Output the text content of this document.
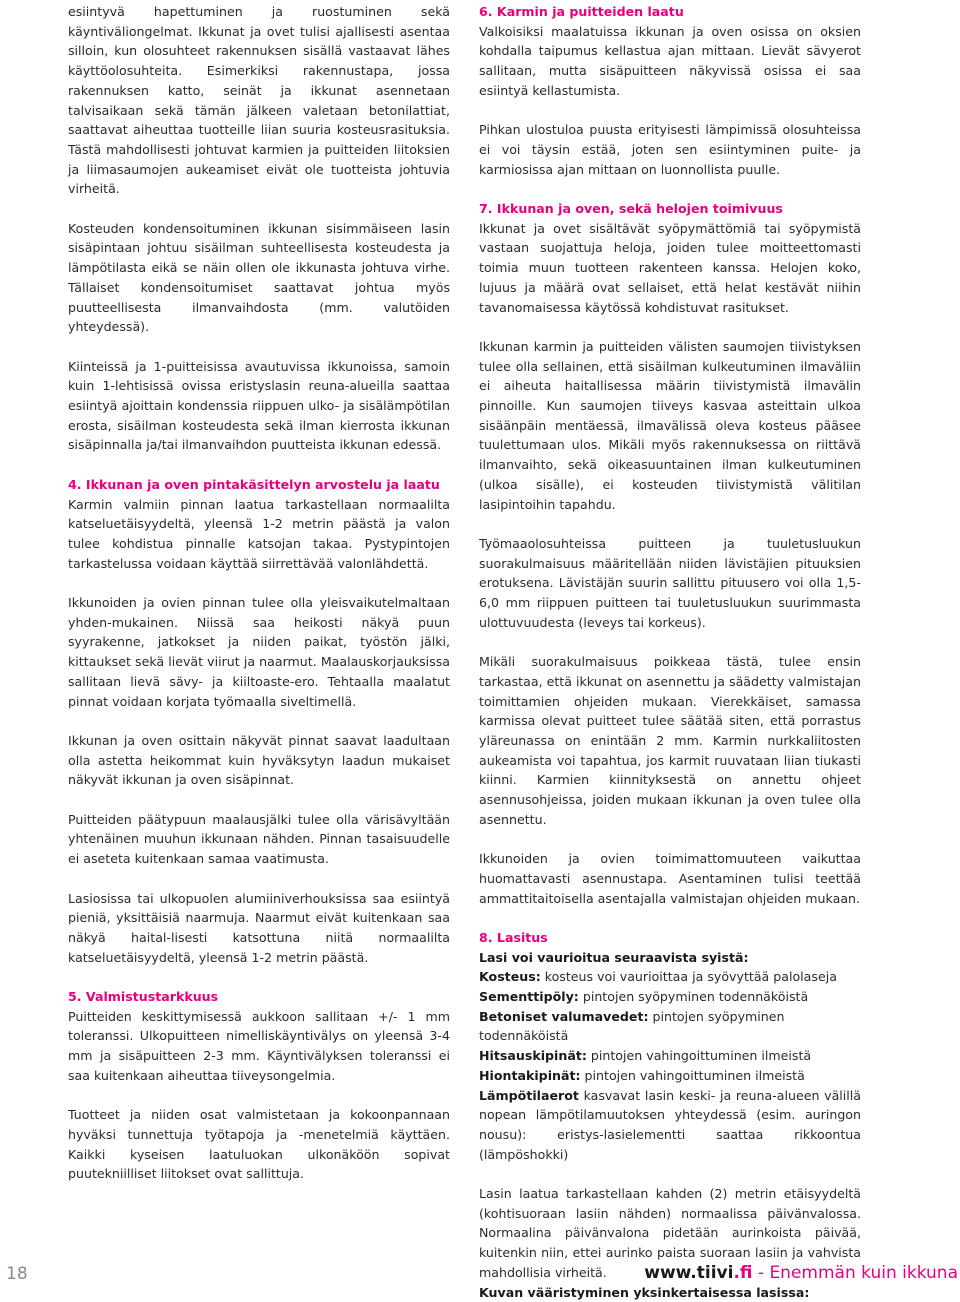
esiintyvä hapettuminen ja ruostuminen sekä käyntiväliongelmat. Ikkunat ja ovet tulisi ajallisesti asentaa silloin, kun olosuhteet rakennuksen sisällä vastaavat lähes käyttöolosuhteita. Esimerkiksi rakennustapa, jossa rakennuksen katto, seinät ja ikkunat asennetaan talvisaikaan sekä tämän jälkeen valetaan betonilattiat, saattavat aiheuttaa tuotteille liian suuria kosteusrasituksia. Tästä mahdollisesti johtuvat karmien ja puitteiden liitoksien ja liimasaumojen aukeamiset eivät ole tuotteista johtuvia virheitä.

Kosteuden kondensoituminen ikkunan sisimmäiseen lasin sisäpintaan johtuu sisäilman suhteellisesta kosteudesta ja lämpötilasta eikä se näin ollen ole ikkunasta johtuva virhe. Tällaiset kondensoitumiset saattavat johtua myös puutteellisesta ilmanvaihdosta (mm. valutöiden yhteydessä).

Kiinteissä ja 1-puitteisissa avautuvissa ikkunoissa, samoin kuin 1-lehtisissä ovissa eristyslasin reuna-alueilla saattaa esiintyä ajoittain kondenssia riippuen ulko- ja sisälämpötilan erosta, sisäilman kosteudesta sekä ilman kierrosta ikkunan sisäpinnalla ja/tai ilmanvaihdon puutteista ikkunan edessä.

4. Ikkunan ja oven pintakäsittelyn arvostelu ja laatu

Karmin valmiin pinnan laatua tarkastellaan normaalilta katseluetäisyydeltä, yleensä 1-2 metrin päästä ja valon tulee kohdistua pinnalle katsojan takaa. Pystypintojen tarkastelussa voidaan käyttää siirrettävää valonlähdettä.

Ikkunoiden ja ovien pinnan tulee olla yleisvaikutelmaltaan yhden-mukainen. Niissä saa heikosti näkyä puun syyrakenne, jatkokset ja niiden paikat, työstön jälki, kittaukset sekä lievät viirut ja naarmut. Maalauskorjauksissa sallitaan lievä sävy- ja kiiltoaste-ero. Tehtaalla maalatut pinnat voidaan korjata työmaalla siveltimellä.

Ikkunan ja oven osittain näkyvät pinnat saavat laadultaan olla astetta heikommat kuin hyväksytyn laadun mukaiset näkyvät ikkunan ja oven sisäpinnat.

Puitteiden päätypuun maalausjälki tulee olla värisävyltään yhtenäinen muuhun ikkunaan nähden. Pinnan tasaisuudelle ei aseteta kuitenkaan samaa vaatimusta.

Lasiosissa tai ulkopuolen alumiiniverhouksissa saa esiintyä pieniä, yksittäisiä naarmuja. Naarmut eivät kuitenkaan saa näkyä haital-lisesti katsottuna niitä normaalilta katseluetäisyydeltä, yleensä 1-2 metrin päästä.

5. Valmistustarkkuus

Puitteiden keskittymisessä aukkoon sallitaan +/- 1 mm toleranssi. Ulkopuitteen nimelliskäyntivälys on yleensä 3-4 mm ja sisäpuitteen 2-3 mm. Käyntivälyksen toleranssi ei saa kuitenkaan aiheuttaa tiiveysongelmia.

Tuotteet ja niiden osat valmistetaan ja kokoonpannaan hyväksi tunnettuja työtapoja ja -menetelmiä käyttäen. Kaikki kyseisen laatuluokan ulkonäköön sopivat puutekniilliset liitokset ovat sallittuja.

6. Karmin ja puitteiden laatu

Valkoisiksi maalatuissa ikkunan ja oven osissa on oksien kohdalla taipumus kellastua ajan mittaan. Lievät sävyerot sallitaan, mutta sisäpuitteen näkyvissä osissa ei saa esiintyä kellastumista.

Pihkan ulostuloa puusta erityisesti lämpimissä olosuhteissa ei voi täysin estää, joten sen esiintyminen puite- ja karmiosissa ajan mittaan on luonnollista puulle.

7. Ikkunan ja oven, sekä helojen toimivuus

Ikkunat ja ovet sisältävät syöpymättömiä tai syöpymistä vastaan suojattuja heloja, joiden tulee moitteettomasti toimia muun tuotteen rakenteen kanssa. Helojen koko, lujuus ja määrä ovat sellaiset, että helat kestävät niihin tavanomaisessa käytössä kohdistuvat rasitukset.

Ikkunan karmin ja puitteiden välisten saumojen tiivistyksen tulee olla sellainen, että sisäilman kulkeutuminen ilmaväliin ei aiheuta haitallisessa määrin tiivistymistä ilmavälin pinnoille. Kun saumojen tiiveys kasvaa asteittain ulkoa sisäänpäin mentäessä, ilmavälissä oleva kosteus pääsee tuulettumaan ulos. Mikäli myös rakennuksessa on riittävä ilmanvaihto, sekä oikeasuuntainen ilman kulkeutuminen (ulkoa sisälle), ei kosteuden tiivistymistä välitilan lasipintoihin tapahdu.

Työmaaolosuhteissa puitteen ja tuuletusluukun suorakulmaisuus määritellään niiden lävistäjien pituuksien erotuksena. Lävistäjän suurin sallittu pituusero voi olla 1,5-6,0 mm riippuen puitteen tai tuuletusluukun suurimmasta ulottuvuudesta (leveys tai korkeus).

Mikäli suorakulmaisuus poikkeaa tästä, tulee ensin tarkastaa, että ikkunat on asennettu ja säädetty valmistajan toimittamien ohjeiden mukaan. Vierekkäiset, samassa karmissa olevat puitteet tulee säätää siten, että porrastus yläreunassa on enintään 2 mm. Karmin nurkkaliitosten aukeamista voi tapahtua, jos karmit ruuvataan liian tiukasti kiinni. Karmien kiinnityksestä on annettu ohjeet asennusohjeissa, joiden mukaan ikkunan ja oven tulee olla asennettu.

Ikkunoiden ja ovien toimimattomuuteen vaikuttaa huomattavasti asennustapa. Asentaminen tulisi teettää ammattitaitoisella asentajalla valmistajan ohjeiden mukaan.

8. Lasitus

Lasi voi vaurioitua seuraavista syistä:
Kosteus: kosteus voi vaurioittaa ja syövyttää palolaseja
Sementtipöly: pintojen syöpyminen todennäköistä
Betoniset valumavedet: pintojen syöpyminen todennäköistä
Hitsauskipinät: pintojen vahingoittuminen ilmeistä
Hiontakipinät: pintojen vahingoittuminen ilmeistä
Lämpötilaerot kasvavat lasin keski- ja reuna-alueen välillä nopean lämpötilamuutoksen yhteydessä (esim. auringon nousu): eristys-lasielementti saattaa rikkoontua (lämpöshokki)

Lasin laatua tarkastellaan kahden (2) metrin etäisyydeltä (kohtisuoraan lasiin nähden) normaalissa päivänvalossa. Normaalina päivänvalona pidetään aurinkoista päivää, kuitenkin niin, ettei aurinko paista suoraan lasiin ja vahvista mahdollisia virheitä.
Kuvan vääristyminen yksinkertaisessa lasissa:

18	www.tiivi.fi - Enemmän kuin ikkuna
